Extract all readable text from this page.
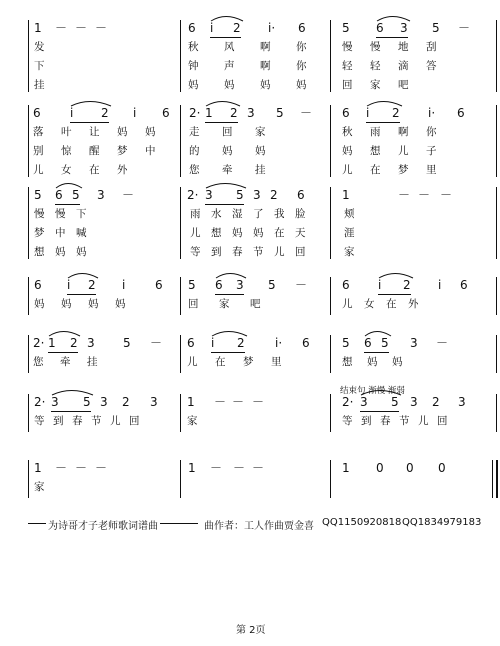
1 － － －
发
下
挂
6 i 2 i· 6
秋 风 啊 你
钟 声 啊 你
妈 妈 妈 妈
5 6 3 5 －
慢 慢 地 刮
轻 轻 滴 答
回 家 吧
6 i 2 i 6
落 叶 让 妈 妈
别 惊 醒 梦 中
儿 女 在 外
2· 1 2 3 5 －
走 回 家
的 妈 妈
您 牵 挂
6 i 2 i· 6
秋 雨 啊 你
妈 想 儿 子
儿 在 梦 里
5 6 5 3 －
慢 慢 下
梦 中 喊
想 妈 妈
2· 3 5 3 2 6
雨 水 湿 了 我 脸
儿 想 妈 妈 在 天
等 到 春 节 儿 回
1	－ － －
颊
涯
家
6 i 2 i 6
妈 妈 妈 妈
5 6 3 5 －
回 家 吧
6 i 2 i 6
儿 女 在 外
2· 1 2 3 5 －
您 牵 挂
6 i 2	i· 6
儿 在 梦 里
5 6 5 3 －
想 妈 妈
2· 3 5 3 2 3
等 到 春 节 儿 回
1 － － －
家
2· 3 5 3 2 3
等 到 春 节 儿 回
1 － － －
家
1 － － －	1 0 0 0
为诗哥才子老师歌词谱曲	曲作者：工人作曲贾金喜 QQ1150920818 QQ1834979183
第 2页
结束句 渐慢 渐弱
